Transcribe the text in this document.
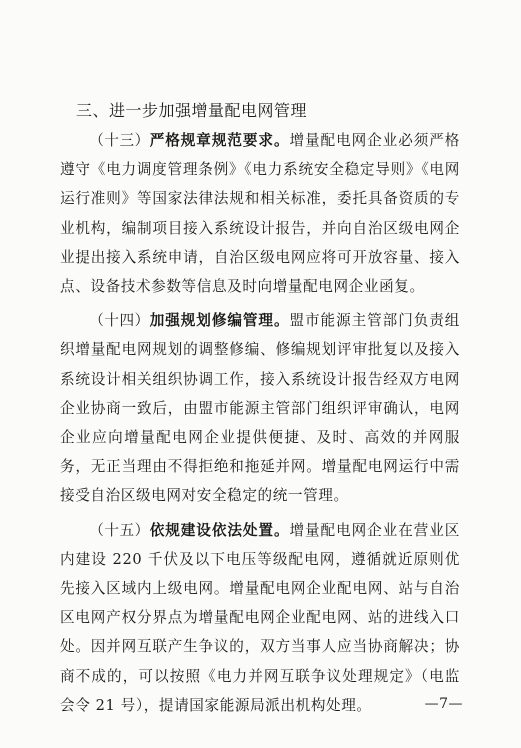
三、进一步加强增量配电网管理

（十三）严格规章规范要求。增量配电网企业必须严格遵守《电力调度管理条例》《电力系统安全稳定导则》《电网运行准则》等国家法律法规和相关标准，委托具备资质的专业机构，编制项目接入系统设计报告，并向自治区级电网企业提出接入系统申请，自治区级电网应将可开放容量、接入点、设备技术参数等信息及时向增量配电网企业函复。

（十四）加强规划修编管理。盟市能源主管部门负责组织增量配电网规划的调整修编、修编规划评审批复以及接入系统设计相关组织协调工作，接入系统设计报告经双方电网企业协商一致后，由盟市能源主管部门组织评审确认，电网企业应向增量配电网企业提供便捷、及时、高效的并网服务，无正当理由不得拒绝和拖延并网。增量配电网运行中需接受自治区级电网对安全稳定的统一管理。

（十五）依规建设依法处置。增量配电网企业在营业区内建设 220 千伏及以下电压等级配电网，遵循就近原则优先接入区域内上级电网。增量配电网企业配电网、站与自治区电网产权分界点为增量配电网企业配电网、站的进线入口处。因并网互联产生争议的，双方当事人应当协商解决；协商不成的，可以按照《电力并网互联争议处理规定》（电监会令 21 号），提请国家能源局派出机构处理。	—7—
